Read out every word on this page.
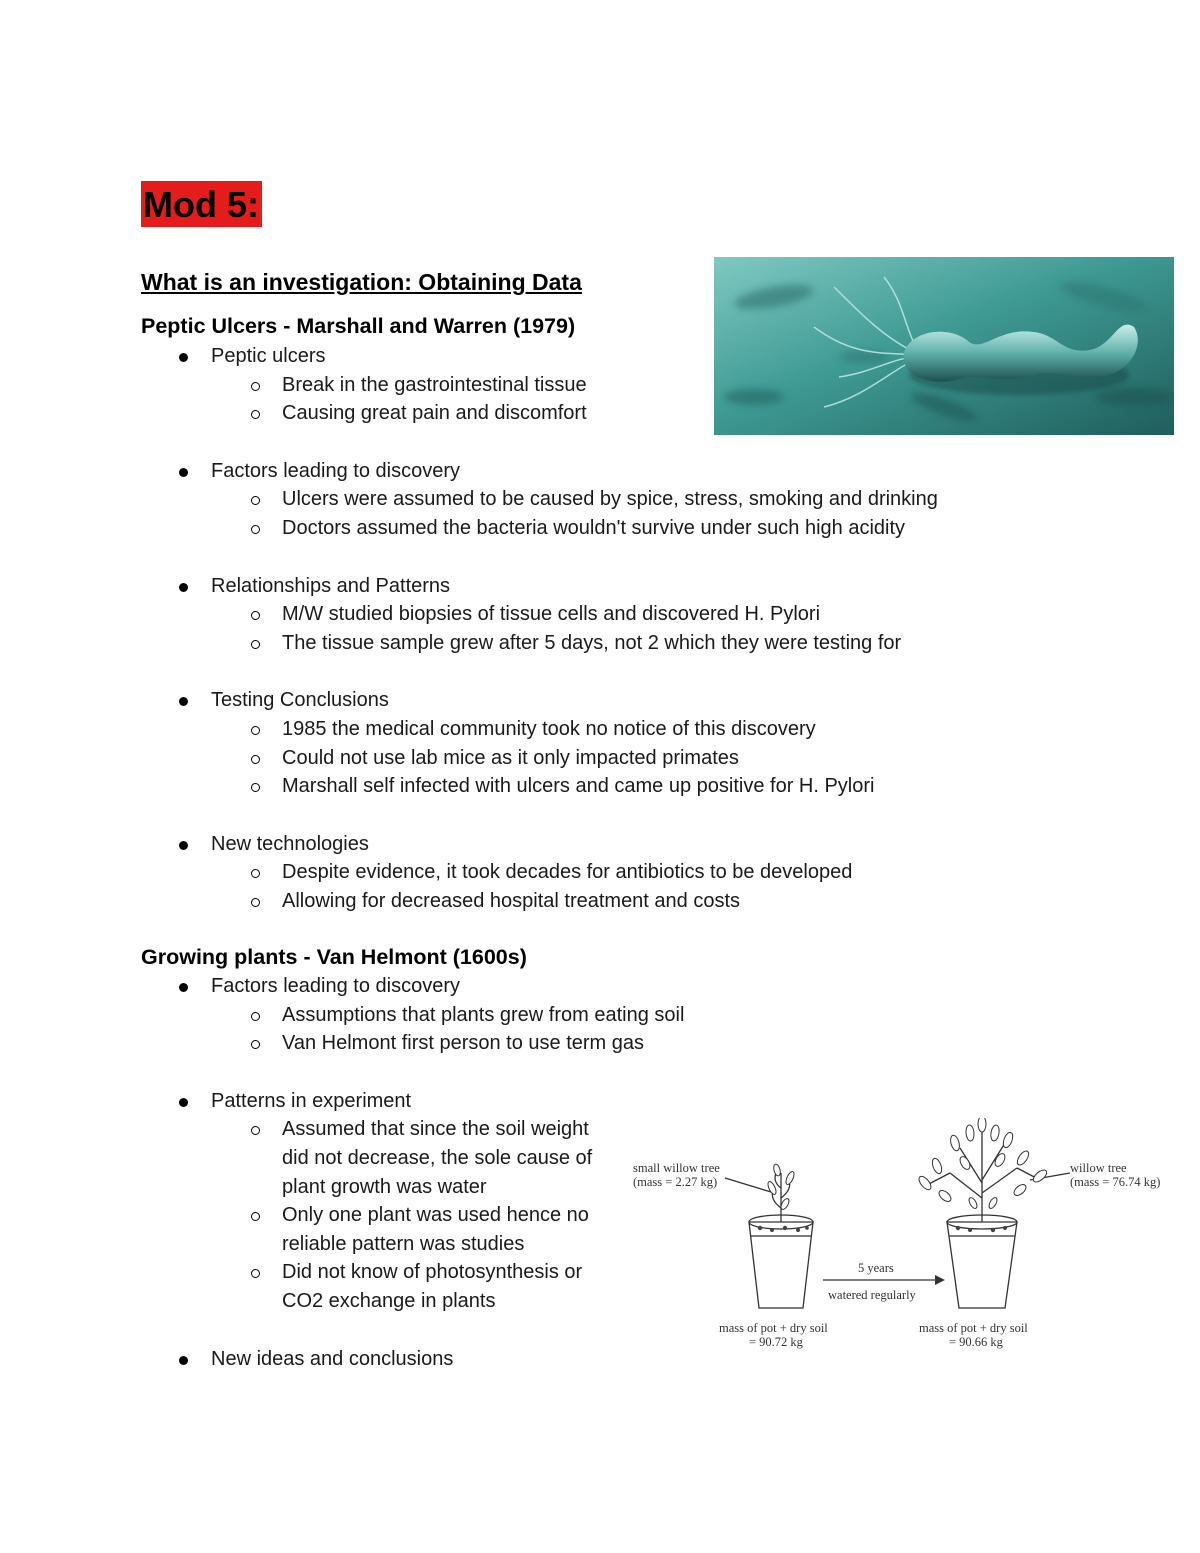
Mod 5:
What is an investigation: Obtaining Data
Peptic Ulcers - Marshall and Warren (1979)
Peptic ulcers
Break in the gastrointestinal tissue
Causing great pain and discomfort
Factors leading to discovery
Ulcers were assumed to be caused by spice, stress, smoking and drinking
Doctors assumed the bacteria wouldn't survive under such high acidity
Relationships and Patterns
M/W studied biopsies of tissue cells and discovered H. Pylori
The tissue sample grew after 5 days, not 2 which they were testing for
Testing Conclusions
1985 the medical community took no notice of this discovery
Could not use lab mice as it only impacted primates
Marshall self infected with ulcers and came up positive for H. Pylori
New technologies
Despite evidence, it took decades for antibiotics to be developed
Allowing for decreased hospital treatment and costs
Growing plants - Van Helmont (1600s)
Factors leading to discovery
Assumptions that plants grew from eating soil
Van Helmont first person to use term gas
Patterns in experiment
Assumed that since the soil weight did not decrease, the sole cause of plant growth was water
Only one plant was used hence no reliable pattern was studies
Did not know of photosynthesis or CO2 exchange in plants
New ideas and conclusions
small willow tree
(mass = 2.27 kg)
willow tree
(mass = 76.74 kg)
5 years
watered regularly
mass of pot + dry soil
= 90.72 kg
mass of pot + dry soil
= 90.66 kg
